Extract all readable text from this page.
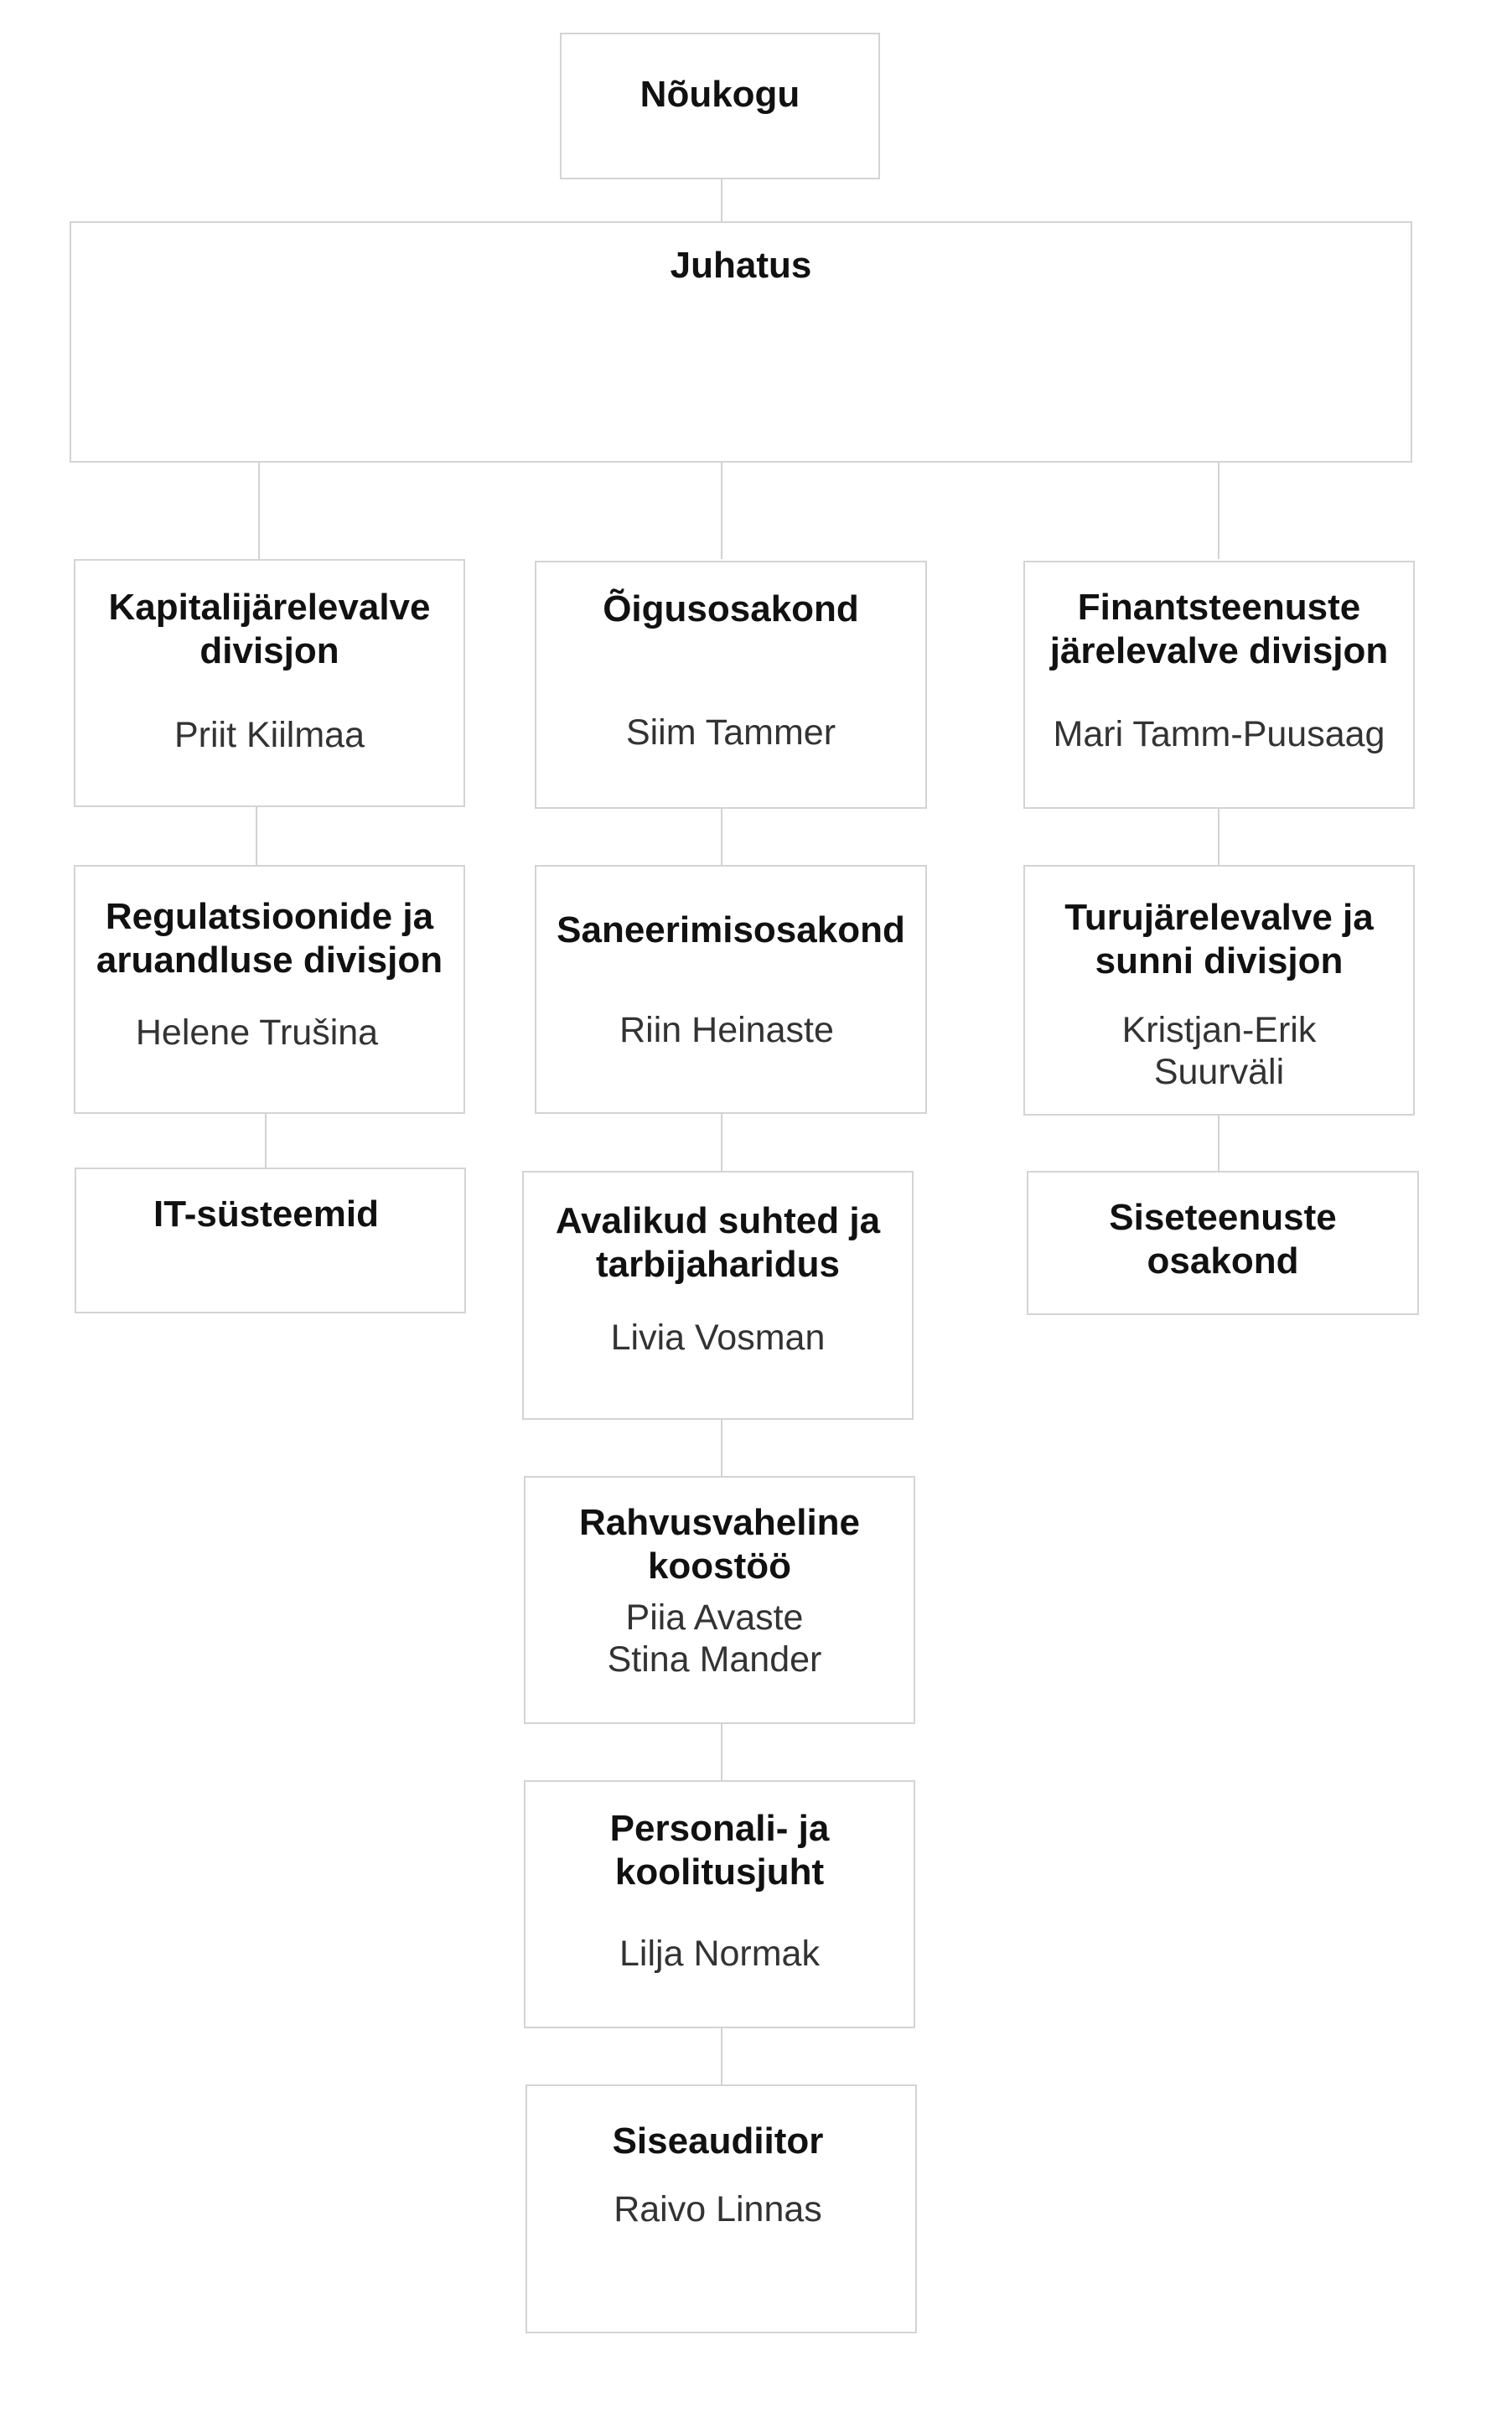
Nõukogu
Juhatus
Kapitalijärelevalve
divisjon
Priit Kiilmaa
Regulatsioonide ja
aruandluse divisjon
Helene Trušina
IT-süsteemid
Õigusosakond
Siim Tammer
Saneerimisosakond
Riin Heinaste
Avalikud suhted ja
tarbijaharidus
Livia Vosman
Rahvusvaheline
koostöö
Piia Avaste
Stina Mander
Personali- ja
koolitusjuht
Lilja Normak
Siseaudiitor
Raivo Linnas
Finantsteenuste
järelevalve divisjon
Mari Tamm-Puusaag
Turujärelevalve ja
sunni divisjon
Kristjan-Erik
Suurväli
Siseteenuste
osakond
